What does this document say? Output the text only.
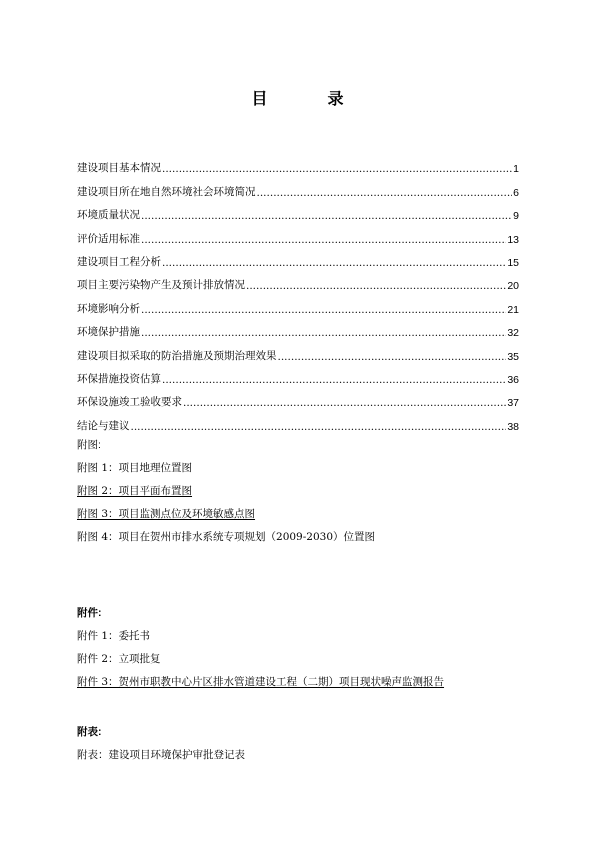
目　录
建设项目基本情况 .....	1
建设项目所在地自然环境社会环境简况 .....	6
环境质量状况 .....	9
评价适用标准 .....	13
建设项目工程分析 .....	15
项目主要污染物产生及预计排放情况 .....	20
环境影响分析 .....	21
环境保护措施 .....	32
建设项目拟采取的防治措施及预期治理效果 .....	35
环保措施投资估算 .....	36
环保设施竣工验收要求 .....	37
结论与建议 .....	38
附图:
附图 1：项目地理位置图
附图 2：项目平面布置图
附图 3：项目监测点位及环境敏感点图
附图 4：项目在贺州市排水系统专项规划（2009-2030）位置图
附件:
附件 1：委托书
附件 2：立项批复
附件 3：贺州市职教中心片区排水管道建设工程（二期）项目现状噪声监测报告
附表:
附表：建设项目环境保护审批登记表
